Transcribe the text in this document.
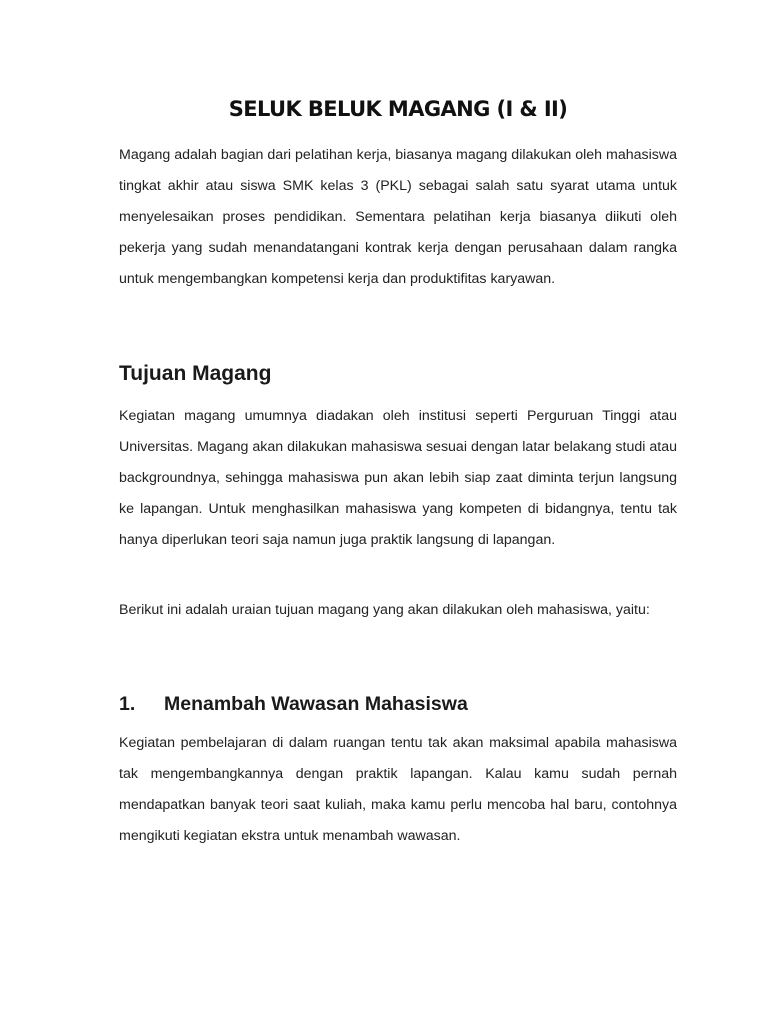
SELUK BELUK MAGANG (I & II)

Magang adalah bagian dari pelatihan kerja, biasanya magang dilakukan oleh mahasiswa tingkat akhir atau siswa SMK kelas 3 (PKL) sebagai salah satu syarat utama untuk menyelesaikan proses pendidikan. Sementara pelatihan kerja biasanya diikuti oleh pekerja yang sudah menandatangani kontrak kerja dengan perusahaan dalam rangka untuk mengembangkan kompetensi kerja dan produktifitas karyawan.

Tujuan Magang

Kegiatan magang umumnya diadakan oleh institusi seperti Perguruan Tinggi atau Universitas. Magang akan dilakukan mahasiswa sesuai dengan latar belakang studi atau backgroundnya, sehingga mahasiswa pun akan lebih siap zaat diminta terjun langsung ke lapangan. Untuk menghasilkan mahasiswa yang kompeten di bidangnya, tentu tak hanya diperlukan teori saja namun juga praktik langsung di lapangan.

Berikut ini adalah uraian tujuan magang yang akan dilakukan oleh mahasiswa, yaitu:

1. Menambah Wawasan Mahasiswa

Kegiatan pembelajaran di dalam ruangan tentu tak akan maksimal apabila mahasiswa tak mengembangkannya dengan praktik lapangan. Kalau kamu sudah pernah mendapatkan banyak teori saat kuliah, maka kamu perlu mencoba hal baru, contohnya mengikuti kegiatan ekstra untuk menambah wawasan.
